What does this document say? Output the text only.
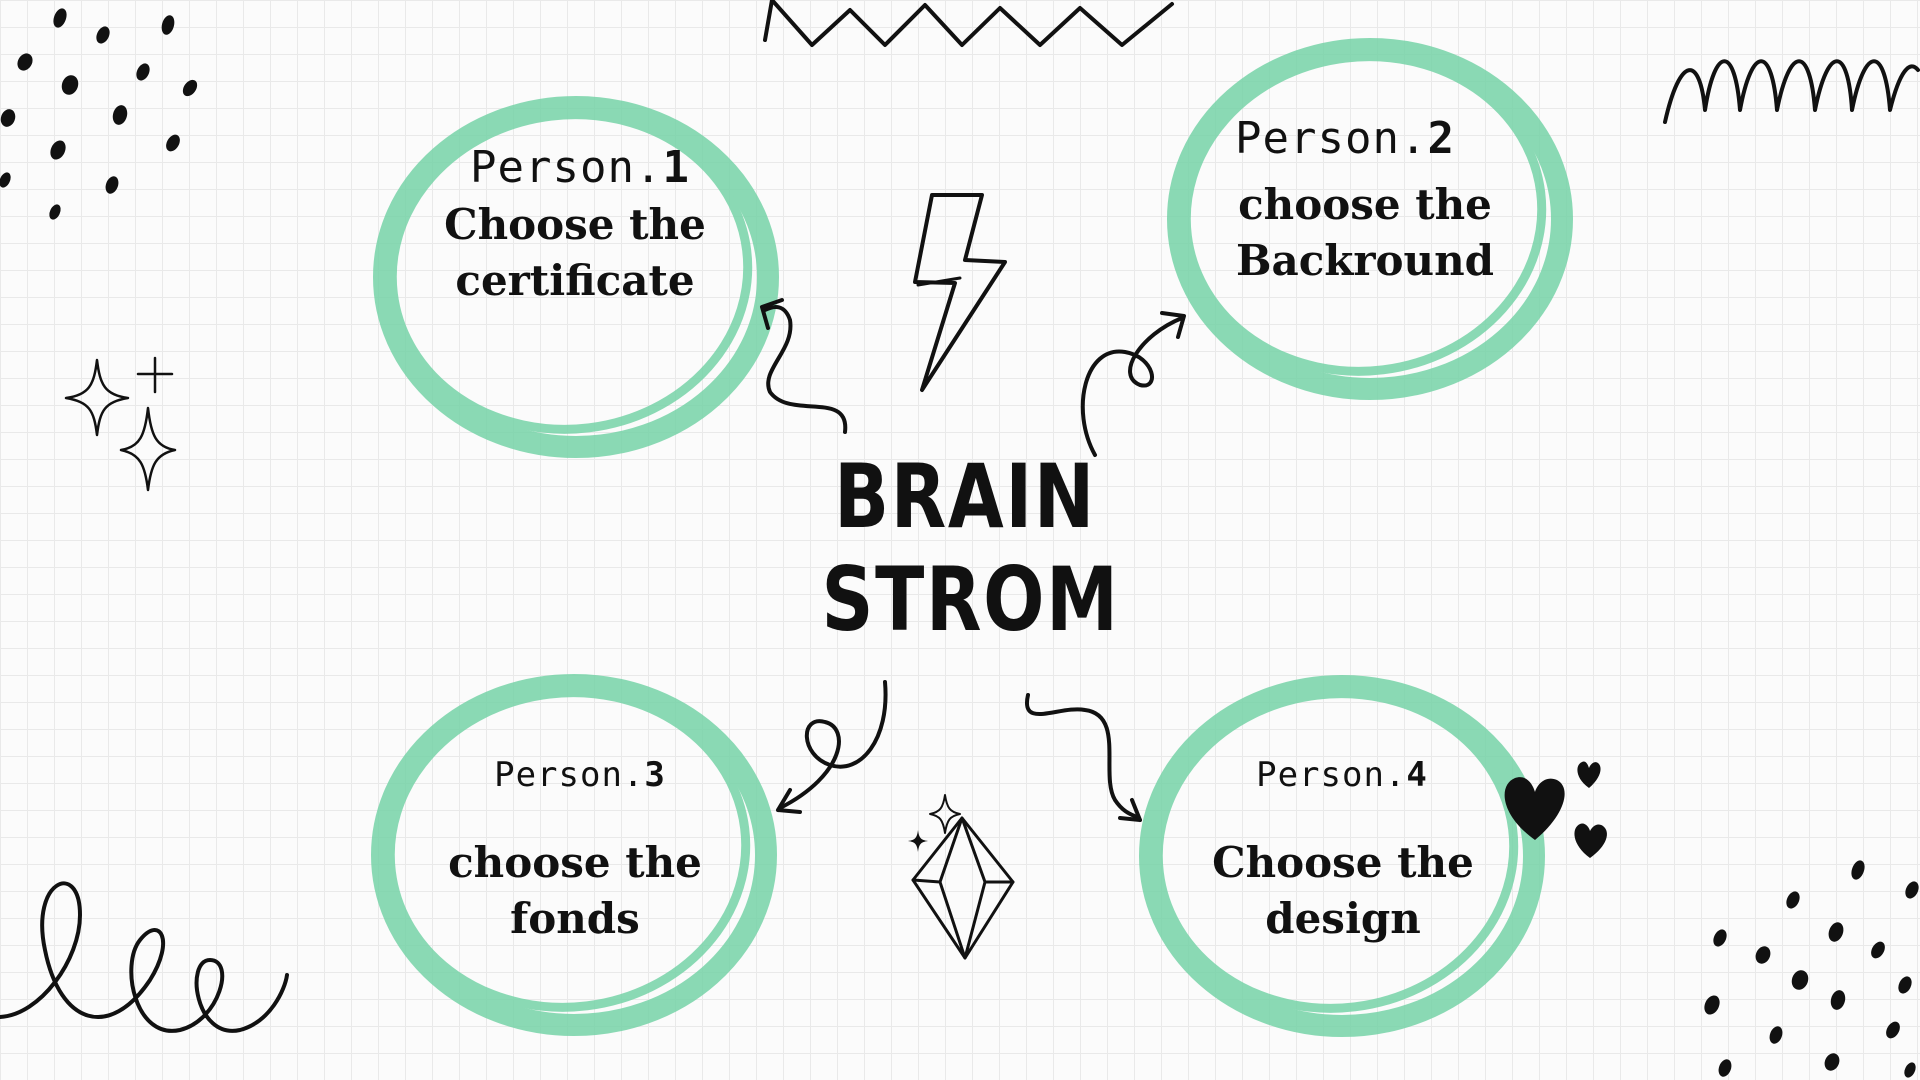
BRAIN
STROM
Person.1
Choose the
certificate
Person.2
choose the
Backround
Person.3
choose the
fonds
Person.4
Choose the
design
